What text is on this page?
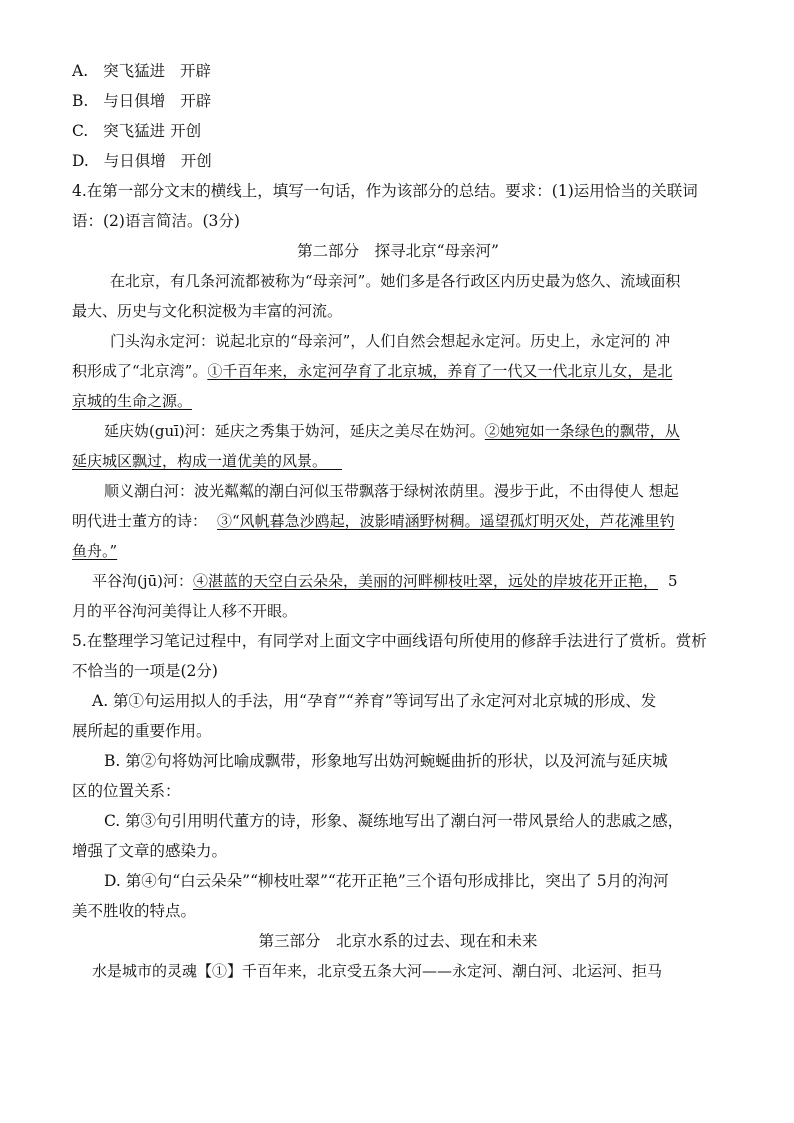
A. 突飞猛进 开辟
B. 与日俱增 开辟
C. 突飞猛进 开创
D. 与日俱增 开创
4.在第一部分文末的横线上，填写一句话，作为该部分的总结。要求：(1)运用恰当的关联词
语：(2)语言简洁。(3分)
第二部分　探寻北京“母亲河”
在北京，有几条河流都被称为“母亲河”。她们多是各行政区内历史最为悠久、流域面积
最大、历史与文化积淀极为丰富的河流。
门头沟永定河：说起北京的“母亲河”，人们自然会想起永定河。历史上，永定河的 冲
积形成了“北京湾”。①千百年来，永定河孕育了北京城，养育了一代又一代北京儿女，是北
京城的生命之源。
延庆妫(guī)河：延庆之秀集于妫河，延庆之美尽在妫河。②她宛如一条绿色的飘带，从
延庆城区飘过，构成一道优美的风景。 
顺义潮白河：波光粼粼的潮白河似玉带飘落于绿树浓荫里。漫步于此，不由得使人 想起
明代进士董方的诗： ③“风帆暮急沙鸥起，波影晴涵野树稠。遥望孤灯明灭处，芦花滩里钓
鱼舟。”
平谷泃(jū)河：④湛蓝的天空白云朵朵，美丽的河畔柳枝吐翠，远处的岸坡花开正艳， 5
月的平谷泃河美得让人移不开眼。
5.在整理学习笔记过程中，有同学对上面文字中画线语句所使用的修辞手法进行了赏析。赏析
不恰当的一项是(2分)
A. 第①句运用拟人的手法，用“孕育”“养育”等词写出了永定河对北京城的形成、发
展所起的重要作用。
B. 第②句将妫河比喻成飘带，形象地写出妫河蜿蜒曲折的形状，以及河流与延庆城
区的位置关系：
C. 第③句引用明代董方的诗，形象、凝练地写出了潮白河一带风景给人的悲戚之感，
增强了文章的感染力。
D. 第④句“白云朵朵”“柳枝吐翠”“花开正艳”三个语句形成排比，突出了 5月的泃河
美不胜收的特点。
第三部分　北京水系的过去、现在和未来
水是城市的灵魂【①】千百年来，北京受五条大河——永定河、潮白河、北运河、拒马
